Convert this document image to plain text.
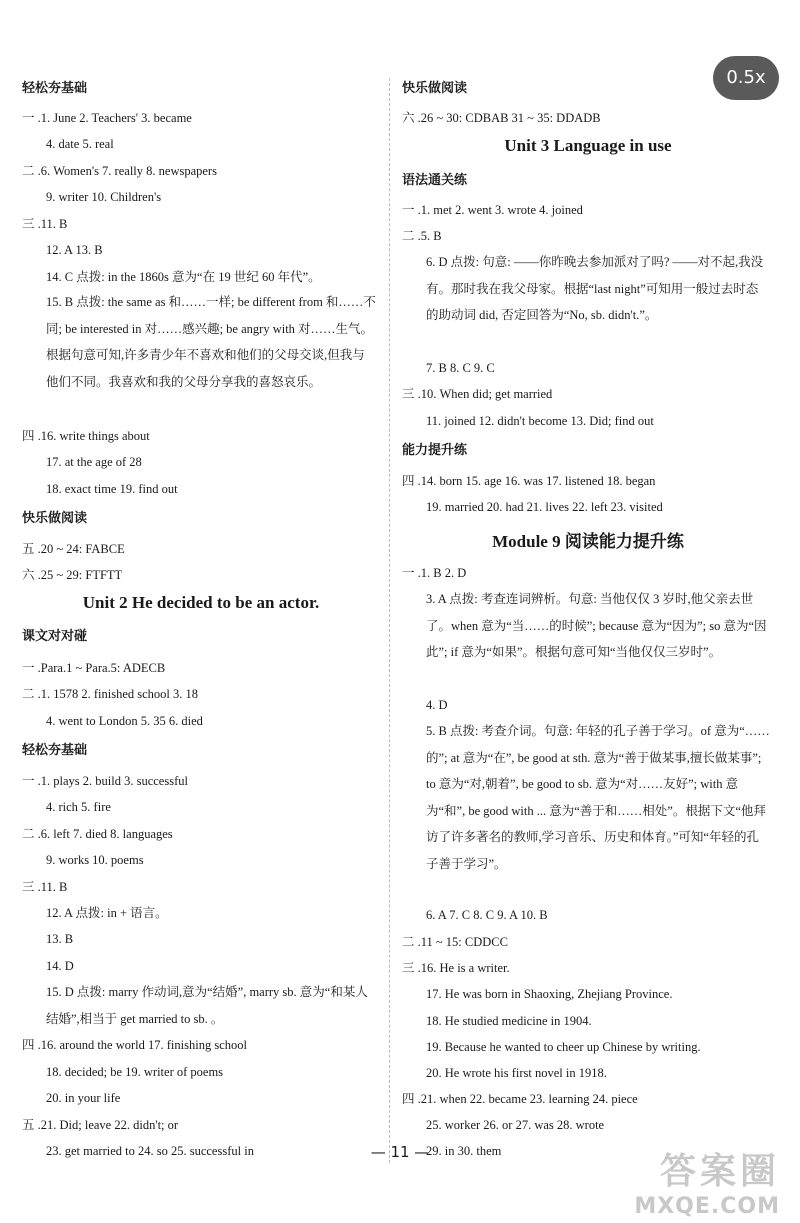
0.5x
轻松夯基础
一 .1. June 2. Teachers' 3. became
4. date 5. real
二 .6. Women's 7. really 8. newspapers
9. writer 10. Children's
三 .11. B
12. A 13. B
14. C 点拨: in the 1860s 意为“在 19 世纪 60 年代”。
15. B 点拨: the same as 和……一样; be different from 和……不同; be interested in 对……感兴趣; be angry with 对……生气。根据句意可知,许多青少年不喜欢和他们的父母交谈,但我与他们不同。我喜欢和我的父母分享我的喜怒哀乐。
四 .16. write things about
17. at the age of 28
18. exact time 19. find out
快乐做阅读
五 .20 ~ 24: FABCE
六 .25 ~ 29: FTFTT
Unit 2 He decided to be an actor.
课文对对碰
一 .Para.1 ~ Para.5: ADECB
二 .1. 1578 2. finished school 3. 18
4. went to London 5. 35 6. died
轻松夯基础
一 .1. plays 2. build 3. successful
4. rich 5. fire
二 .6. left 7. died 8. languages
9. works 10. poems
三 .11. B
12. A 点拨: in + 语言。
13. B
14. D
15. D 点拨: marry 作动词,意为“结婚”, marry sb. 意为“和某人结婚”,相当于 get married to sb. 。
四 .16. around the world 17. finishing school
18. decided; be 19. writer of poems
20. in your life
五 .21. Did; leave 22. didn't; or
23. get married to 24. so 25. successful in
快乐做阅读
六 .26 ~ 30: CDBAB 31 ~ 35: DDADB
Unit 3 Language in use
语法通关练
一 .1. met 2. went 3. wrote 4. joined
二 .5. B
6. D 点拨: 句意: ——你昨晚去参加派对了吗? ——对不起,我没有。那时我在我父母家。根据“last night”可知用一般过去时态的助动词 did, 否定回答为“No, sb. didn't.”。
7. B 8. C 9. C
三 .10. When did; get married
11. joined 12. didn't become 13. Did; find out
能力提升练
四 .14. born 15. age 16. was 17. listened 18. began
19. married 20. had 21. lives 22. left 23. visited
Module 9 阅读能力提升练
一 .1. B 2. D
3. A 点拨: 考查连词辨析。句意: 当他仅仅 3 岁时,他父亲去世了。when 意为“当……的时候”; because 意为“因为”; so 意为“因此”; if 意为“如果”。根据句意可知“当他仅仅三岁时”。
4. D
5. B 点拨: 考查介词。句意: 年轻的孔子善于学习。of 意为“……的”; at 意为“在”, be good at sth. 意为“善于做某事,擅长做某事”; to 意为“对,朝着”, be good to sb. 意为“对……友好”; with 意为“和”, be good with ... 意为“善于和……相处”。根据下文“他拜访了许多著名的教师,学习音乐、历史和体育。”可知“年轻的孔子善于学习”。
6. A 7. C 8. C 9. A 10. B
二 .11 ~ 15: CDDCC
三 .16. He is a writer.
17. He was born in Shaoxing, Zhejiang Province.
18. He studied medicine in 1904.
19. Because he wanted to cheer up Chinese by writing.
20. He wrote his first novel in 1918.
四 .21. when 22. became 23. learning 24. piece
25. worker 26. or 27. was 28. wrote
29. in 30. them
— 11 —	答案圈
MXQE.COM
